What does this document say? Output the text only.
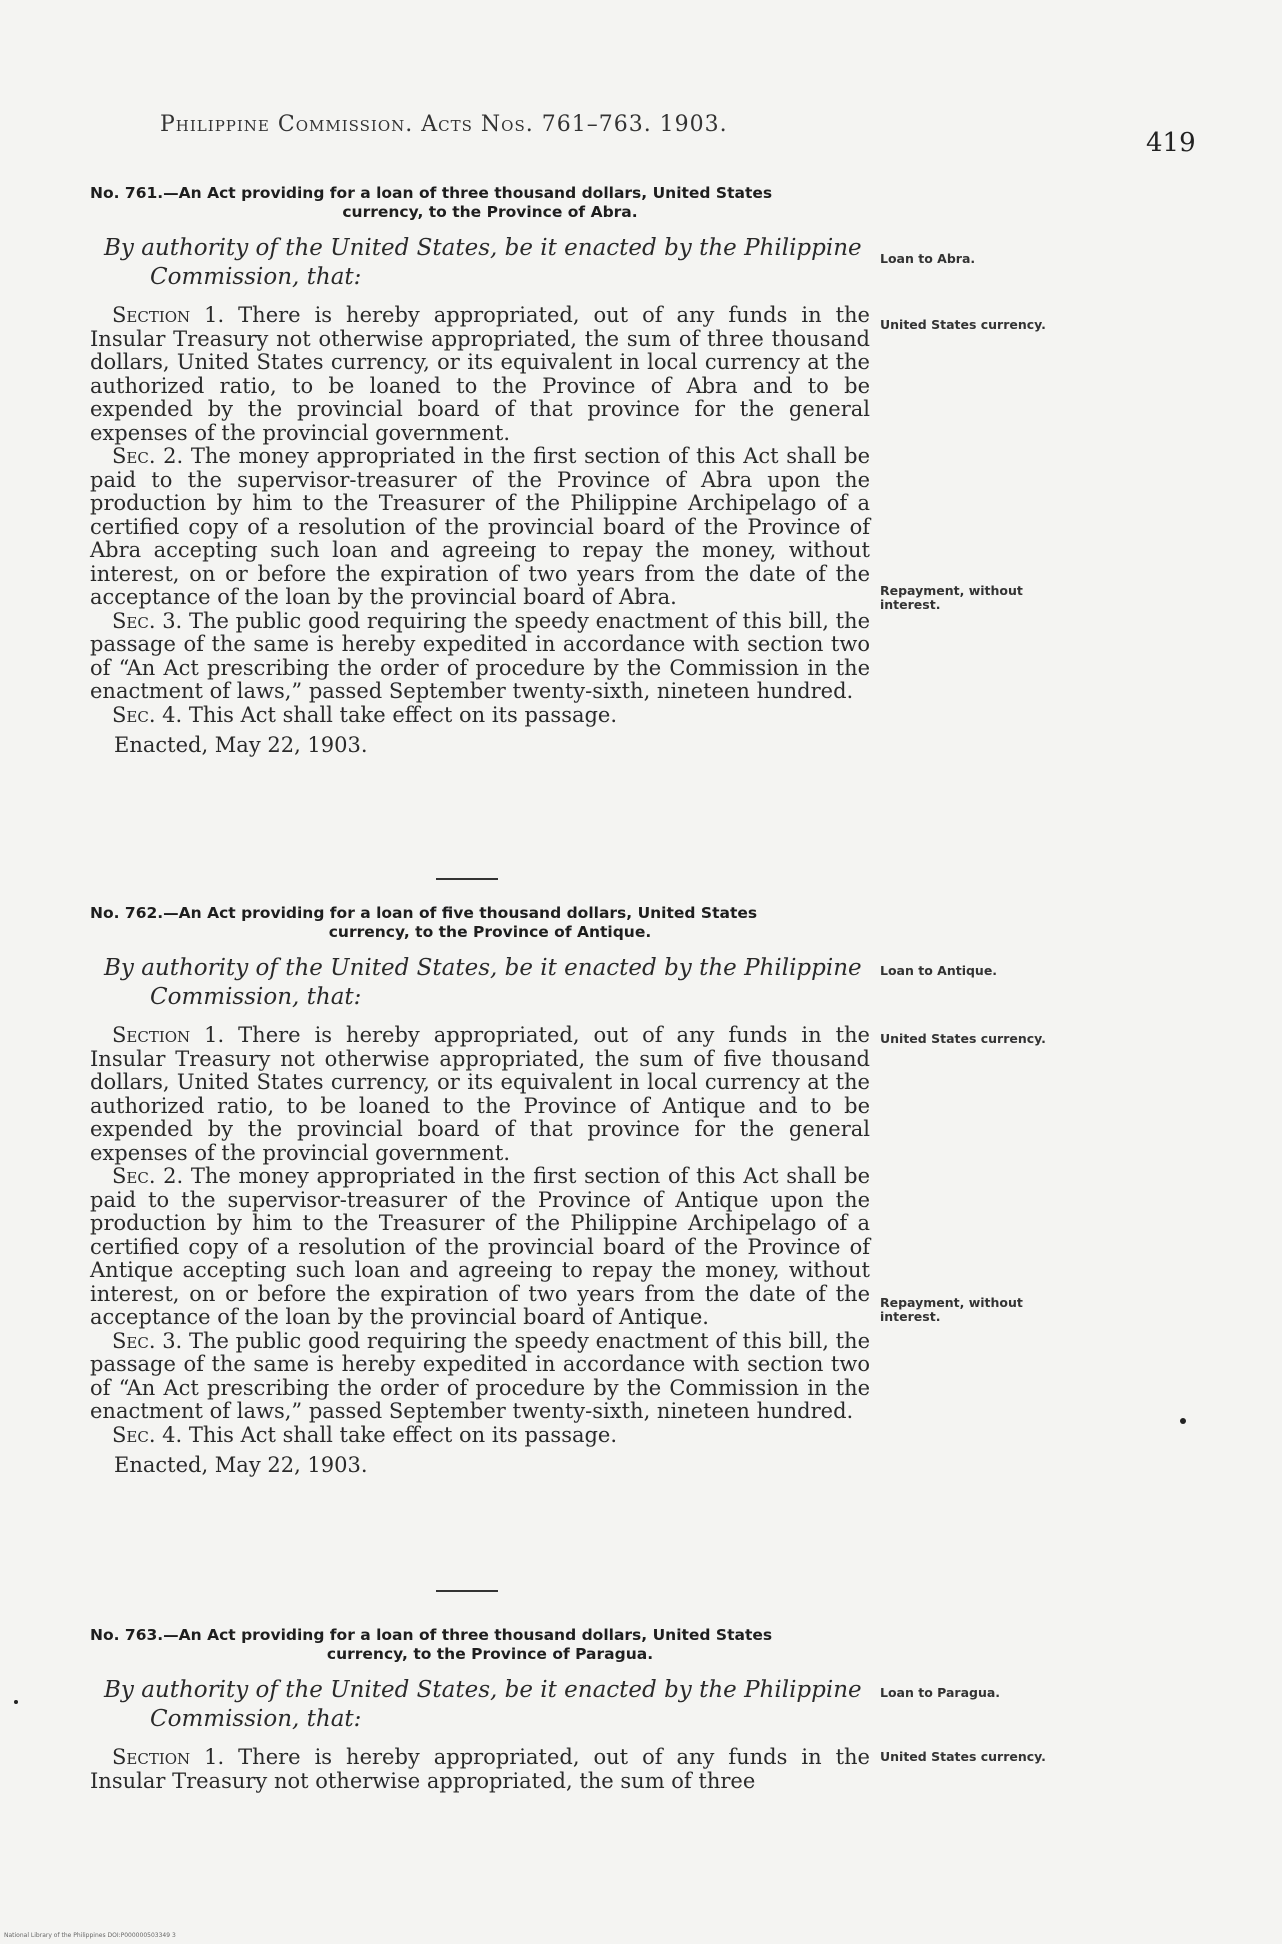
Philippine Commission. Acts Nos. 761–763. 1903.
419

No. 761.—An Act providing for a loan of three thousand dollars, United States
currency, to the Province of Abra.

By authority of the United States, be it enacted by the Philippine
Commission, that:

Section 1. There is hereby appropriated, out of any funds in the Insular Treasury not otherwise appropriated, the sum of three thousand dollars, United States currency, or its equivalent in local currency at the authorized ratio, to be loaned to the Province of Abra and to be expended by the provincial board of that province for the general expenses of the provincial government.

Sec. 2. The money appropriated in the first section of this Act shall be paid to the supervisor-treasurer of the Province of Abra upon the production by him to the Treasurer of the Philippine Archipelago of a certified copy of a resolution of the provincial board of the Province of Abra accepting such loan and agreeing to repay the money, without interest, on or before the expiration of two years from the date of the acceptance of the loan by the provincial board of Abra.

Sec. 3. The public good requiring the speedy enactment of this bill, the passage of the same is hereby expedited in accordance with section two of “An Act prescribing the order of procedure by the Commission in the enactment of laws,” passed September twenty-sixth, nineteen hundred.

Sec. 4. This Act shall take effect on its passage.

Enacted, May 22, 1903.

Loan to Abra.
United States currency.
Repayment, without interest.

No. 762.—An Act providing for a loan of five thousand dollars, United States
currency, to the Province of Antique.

By authority of the United States, be it enacted by the Philippine
Commission, that:

Section 1. There is hereby appropriated, out of any funds in the Insular Treasury not otherwise appropriated, the sum of five thousand dollars, United States currency, or its equivalent in local currency at the authorized ratio, to be loaned to the Province of Antique and to be expended by the provincial board of that province for the general expenses of the provincial government.

Sec. 2. The money appropriated in the first section of this Act shall be paid to the supervisor-treasurer of the Province of Antique upon the production by him to the Treasurer of the Philippine Archipelago of a certified copy of a resolution of the provincial board of the Province of Antique accepting such loan and agreeing to repay the money, without interest, on or before the expiration of two years from the date of the acceptance of the loan by the provincial board of Antique.

Sec. 3. The public good requiring the speedy enactment of this bill, the passage of the same is hereby expedited in accordance with section two of “An Act prescribing the order of procedure by the Commission in the enactment of laws,” passed September twenty-sixth, nineteen hundred.

Sec. 4. This Act shall take effect on its passage.

Enacted, May 22, 1903.

Loan to Antique.
United States currency.
Repayment, without interest.

No. 763.—An Act providing for a loan of three thousand dollars, United States
currency, to the Province of Paragua.

By authority of the United States, be it enacted by the Philippine
Commission, that:

Section 1. There is hereby appropriated, out of any funds in the Insular Treasury not otherwise appropriated, the sum of three

Loan to Paragua.
United States currency.
National Library of the Philippines DOI:P000000503349 3
